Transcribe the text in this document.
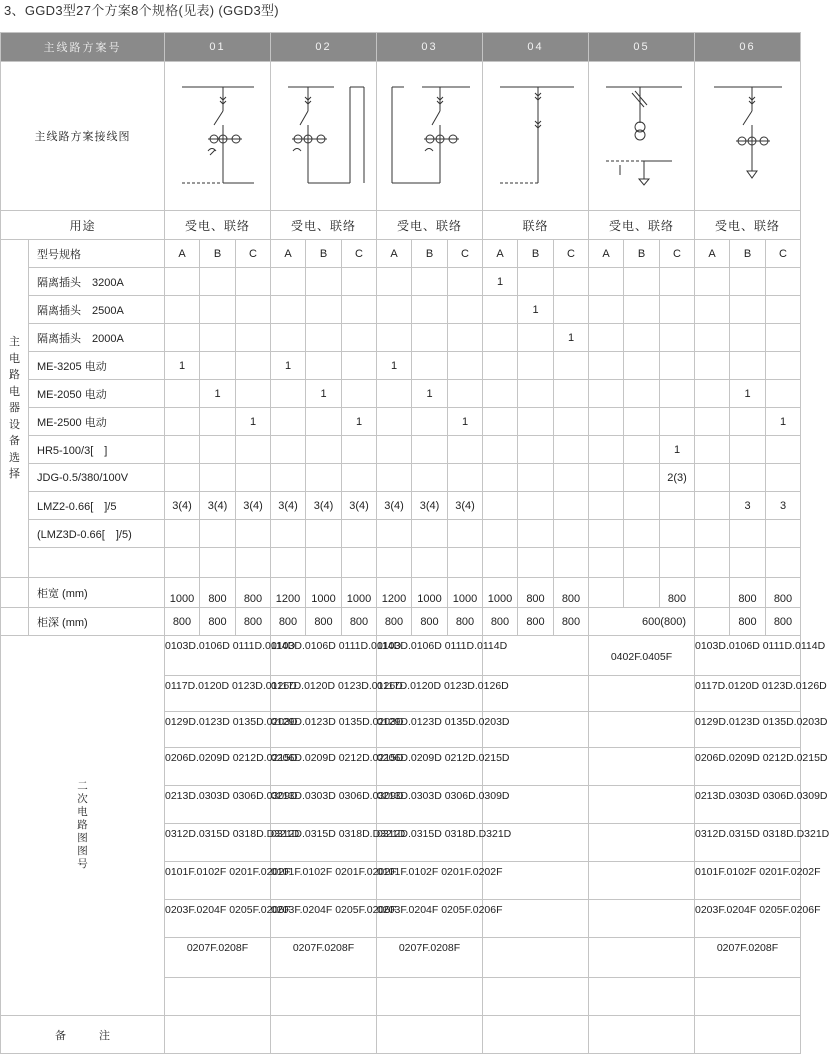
3、GGD3型27个方案8个规格(见表) (GGD3型)
主线路方案号		01			02			03			04			05			06		
主线路方案接线图	

用途		受电、联络			受电、联络			受电、联络			联络			受电、联络			受电、联络		
主电路电器设备选择	型号规格	A	B	C	A	B	C	A	B	C	A	B	C	A	B	C	A	B	C
	隔离插头　3200A										1								
	隔离插头　2500A											1							
	隔离插头　2000A												1						
	ME-3205 电动	1			1			1											
	ME-2050 电动		1			1			1									1	
	ME-2500 电动			1			1			1									1
	HR5-100/3[　]															1			
	JDG-0.5/380/100V															2(3)			
	LMZ2-0.66[　]/5	3(4)	3(4)	3(4)	3(4)	3(4)	3(4)	3(4)	3(4)	3(4)								3	3
	(LMZ3D-0.66[　]/5)																		

	柜宽 (mm)	1000	800	800	1200	1000	1000	1200	1000	1000	1000	800	800			800		800	800
	柜深 (mm)	800	800	800	800	800	800	800	800	800	800	800	800	600(800)				800	800
二次电路图图号		0103D.0106D 0111D.0114D			0103D.0106D 0111D.0114D			0103D.0106D 0111D.0114D						0402F.0405F			0103D.0106D 0111D.0114D		
		0117D.0120D 0123D.0126D			0117D.0120D 0123D.0126D			0117D.0120D 0123D.0126D									0117D.0120D 0123D.0126D		
		0129D.0123D 0135D.0203D			0129D.0123D 0135D.0203D			0129D.0123D 0135D.0203D									0129D.0123D 0135D.0203D		
		0206D.0209D 0212D.0215D			0206D.0209D 0212D.0215D			0206D.0209D 0212D.0215D									0206D.0209D 0212D.0215D		
		0213D.0303D 0306D.0309D			0213D.0303D 0306D.0309D			0213D.0303D 0306D.0309D									0213D.0303D 0306D.0309D		
		0312D.0315D 0318D.D321D			0312D.0315D 0318D.D321D			0312D.0315D 0318D.D321D									0312D.0315D 0318D.D321D		
		0101F.0102F 0201F.0202F			0101F.0102F 0201F.0202F			0101F.0102F 0201F.0202F									0101F.0102F 0201F.0202F		
		0203F.0204F 0205F.0206F			0203F.0204F 0205F.0206F			0203F.0204F 0205F.0206F									0203F.0204F 0205F.0206F		
		0207F.0208F			0207F.0208F			0207F.0208F									0207F.0208F		

备　　　注																			
